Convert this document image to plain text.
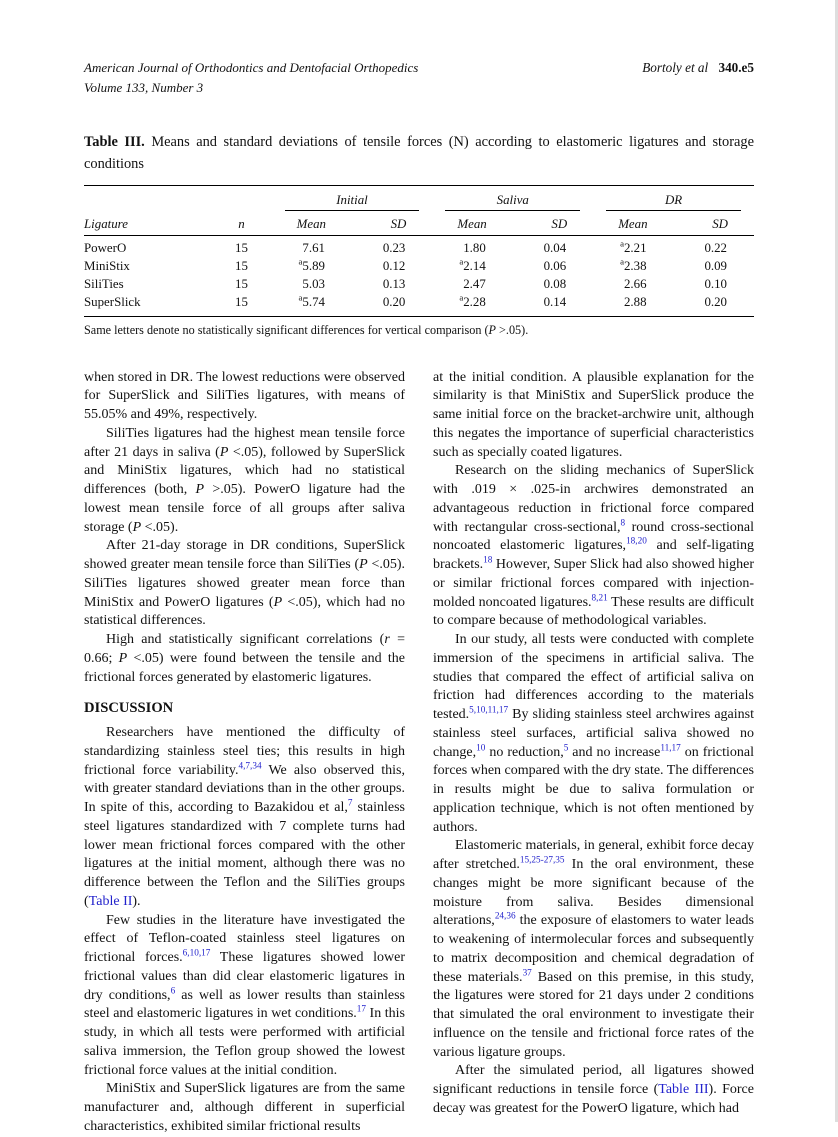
American Journal of Orthodontics and Dentofacial Orthopedics
Volume 133, Number 3
Bortoly et al 340.e5

Table III. Means and standard deviations of tensile forces (N) according to elastomeric ligatures and storage conditions

		Initial		Saliva		DR	

Ligature	n	Mean	SD	Mean	SD	Mean	SD
PowerO	15	7.61	0.23	1.80	0.04	$^a$2.21	0.22
MiniStix	15	$^a$5.89	0.12	$^a$2.14	0.06	$^a$2.38	0.09
SiliTies	15	5.03	0.13	2.47	0.08	2.66	0.10
SuperSlick	15	$^a$5.74	0.20	$^a$2.28	0.14	2.88	0.20

Same letters denote no statistically significant differences for vertical comparison (P >.05).

when stored in DR. The lowest reductions were observed for SuperSlick and SiliTies ligatures, with means of 55.05% and 49%, respectively.

SiliTies ligatures had the highest mean tensile force after 21 days in saliva (P <.05), followed by SuperSlick and MiniStix ligatures, which had no statistical differences (both, P >.05). PowerO ligature had the lowest mean tensile force of all groups after saliva storage (P <.05).

After 21-day storage in DR conditions, SuperSlick showed greater mean tensile force than SiliTies (P <.05). SiliTies ligatures showed greater mean force than MiniStix and PowerO ligatures (P <.05), which had no statistical differences.

High and statistically significant correlations (r = 0.66; P <.05) were found between the tensile and the frictional forces generated by elastomeric ligatures.

DISCUSSION

Researchers have mentioned the difficulty of standardizing stainless steel ties; this results in high frictional force variability.$^{4,7,34}$ We also observed this, with greater standard deviations than in the other groups. In spite of this, according to Bazakidou et al,$^7$ stainless steel ligatures standardized with 7 complete turns had lower mean frictional forces compared with the other ligatures at the initial moment, although there was no difference between the Teflon and the SiliTies groups (Table II).

Few studies in the literature have investigated the effect of Teflon-coated stainless steel ligatures on frictional forces.$^{6,10,17}$ These ligatures showed lower frictional values than did clear elastomeric ligatures in dry conditions,$^6$ as well as lower results than stainless steel and elastomeric ligatures in wet conditions.$^{17}$ In this study, in which all tests were performed with artificial saliva immersion, the Teflon group showed the lowest frictional force values at the initial condition.

MiniStix and SuperSlick ligatures are from the same manufacturer and, although different in superficial characteristics, exhibited similar frictional results

at the initial condition. A plausible explanation for the similarity is that MiniStix and SuperSlick produce the same initial force on the bracket-archwire unit, although this negates the importance of superficial characteristics such as specially coated ligatures.

Research on the sliding mechanics of SuperSlick with .019 × .025-in archwires demonstrated an advantageous reduction in frictional force compared with rectangular cross-sectional,$^8$ round cross-sectional noncoated elastomeric ligatures,$^{18,20}$ and self-ligating brackets.$^{18}$ However, Super Slick had also showed higher or similar frictional forces compared with injection-molded noncoated ligatures.$^{8,21}$ These results are difficult to compare because of methodological variables.

In our study, all tests were conducted with complete immersion of the specimens in artificial saliva. The studies that compared the effect of artificial saliva on friction had differences according to the materials tested.$^{5,10,11,17}$ By sliding stainless steel archwires against stainless steel surfaces, artificial saliva showed no change,$^{10}$ no reduction,$^5$ and no increase$^{11,17}$ on frictional forces when compared with the dry state. The differences in results might be due to saliva formulation or application technique, which is not often mentioned by authors.

Elastomeric materials, in general, exhibit force decay after stretched.$^{15,25-27,35}$ In the oral environment, these changes might be more significant because of the moisture from saliva. Besides dimensional alterations,$^{24,36}$ the exposure of elastomers to water leads to weakening of intermolecular forces and subsequently to matrix decomposition and chemical degradation of these materials.$^{37}$ Based on this premise, in this study, the ligatures were stored for 21 days under 2 conditions that simulated the oral environment to investigate their influence on the tensile and frictional force rates of the various ligature groups.

After the simulated period, all ligatures showed significant reductions in tensile force (Table III). Force decay was greatest for the PowerO ligature, which had
